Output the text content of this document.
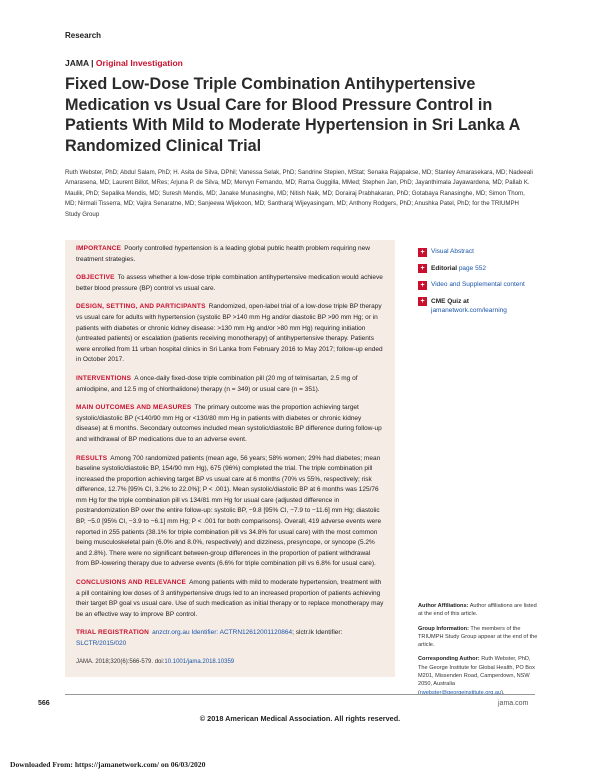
Research
JAMA | Original Investigation
Fixed Low-Dose Triple Combination Antihypertensive Medication vs Usual Care for Blood Pressure Control in Patients With Mild to Moderate Hypertension in Sri Lanka A Randomized Clinical Trial
Ruth Webster, PhD; Abdul Salam, PhD; H. Asita de Silva, DPhil; Vanessa Selak, PhD; Sandrine Stepien, MStat; Senaka Rajapakse, MD; Stanley Amarasekara, MD; Nadeeali Amarasena, MD; Laurent Billot, MRes; Arjuna P. de Silva, MD; Mervyn Fernando, MD; Rama Guggilla, MMed; Stephen Jan, PhD; Jayanthimala Jayawardena, MD; Pallab K. Maulik, PhD; Sepalika Mendis, MD; Suresh Mendis, MD; Janake Munasinghe, MD; Nitish Naik, MD; Dorairaj Prabhakaran, PhD; Gotabaya Ranasinghe, MD; Simon Thom, MD; Nirmali Tisserra, MD; Vajira Senaratne, MD; Sanjeewa Wijekoon, MD; Santharaj Wijeyasingam, MD; Anthony Rodgers, PhD; Anushka Patel, PhD; for the TRIUMPH Study Group

IMPORTANCE Poorly controlled hypertension is a leading global public health problem requiring new treatment strategies.

OBJECTIVE To assess whether a low-dose triple combination antihypertensive medication would achieve better blood pressure (BP) control vs usual care.

DESIGN, SETTING, AND PARTICIPANTS Randomized, open-label trial of a low-dose triple BP therapy vs usual care for adults with hypertension (systolic BP >140 mm Hg and/or diastolic BP >90 mm Hg; or in patients with diabetes or chronic kidney disease: >130 mm Hg and/or >80 mm Hg) requiring initiation (untreated patients) or escalation (patients receiving monotherapy) of antihypertensive therapy. Patients were enrolled from 11 urban hospital clinics in Sri Lanka from February 2016 to May 2017; follow-up ended in October 2017.

INTERVENTIONS A once-daily fixed-dose triple combination pill (20 mg of telmisartan, 2.5 mg of amlodipine, and 12.5 mg of chlorthalidone) therapy (n = 349) or usual care (n = 351).

MAIN OUTCOMES AND MEASURES The primary outcome was the proportion achieving target systolic/diastolic BP (<140/90 mm Hg or <130/80 mm Hg in patients with diabetes or chronic kidney disease) at 6 months. Secondary outcomes included mean systolic/diastolic BP difference during follow-up and withdrawal of BP medications due to an adverse event.

RESULTS Among 700 randomized patients (mean age, 56 years; 58% women; 29% had diabetes; mean baseline systolic/diastolic BP, 154/90 mm Hg), 675 (96%) completed the trial. The triple combination pill increased the proportion achieving target BP vs usual care at 6 months (70% vs 55%, respectively; risk difference, 12.7% [95% CI, 3.2% to 22.0%]; P < .001). Mean systolic/diastolic BP at 6 months was 125/76 mm Hg for the triple combination pill vs 134/81 mm Hg for usual care (adjusted difference in postrandomization BP over the entire follow-up: systolic BP, −9.8 [95% CI, −7.9 to −11.6] mm Hg; diastolic BP, −5.0 [95% CI, −3.9 to −6.1] mm Hg; P < .001 for both comparisons). Overall, 419 adverse events were reported in 255 patients (38.1% for triple combination pill vs 34.8% for usual care) with the most common being musculoskeletal pain (6.0% and 8.0%, respectively) and dizziness, presyncope, or syncope (5.2% and 2.8%). There were no significant between-group differences in the proportion of patient withdrawal from BP-lowering therapy due to adverse events (6.6% for triple combination pill vs 6.8% for usual care).

CONCLUSIONS AND RELEVANCE Among patients with mild to moderate hypertension, treatment with a pill containing low doses of 3 antihypertensive drugs led to an increased proportion of patients achieving their target BP goal vs usual care. Use of such medication as initial therapy or to replace monotherapy may be an effective way to improve BP control.

TRIAL REGISTRATION anzctr.org.au Identifier: ACTRN12612001120864; slctr.lk Identifier: SLCTR/2015/020

JAMA. 2018;320(6):566-579. doi:10.1001/jama.2018.10359
+ Visual Abstract
+ Editorial page 552
+ Video and Supplemental content
+ CME Quiz at
jamanetwork.com/learning

Author Affiliations: Author affiliations are listed at the end of this article.

Group Information: The members of the TRIUMPH Study Group appear at the end of the article.

Corresponding Author: Ruth Webster, PhD, The George Institute for Global Health, PO Box M201, Missenden Road, Camperdown, NSW 2050, Australia (rwebster@georgeinstitute.org.au).

566	jama.com
© 2018 American Medical Association. All rights reserved.
Downloaded From: https://jamanetwork.com/ on 06/03/2020
